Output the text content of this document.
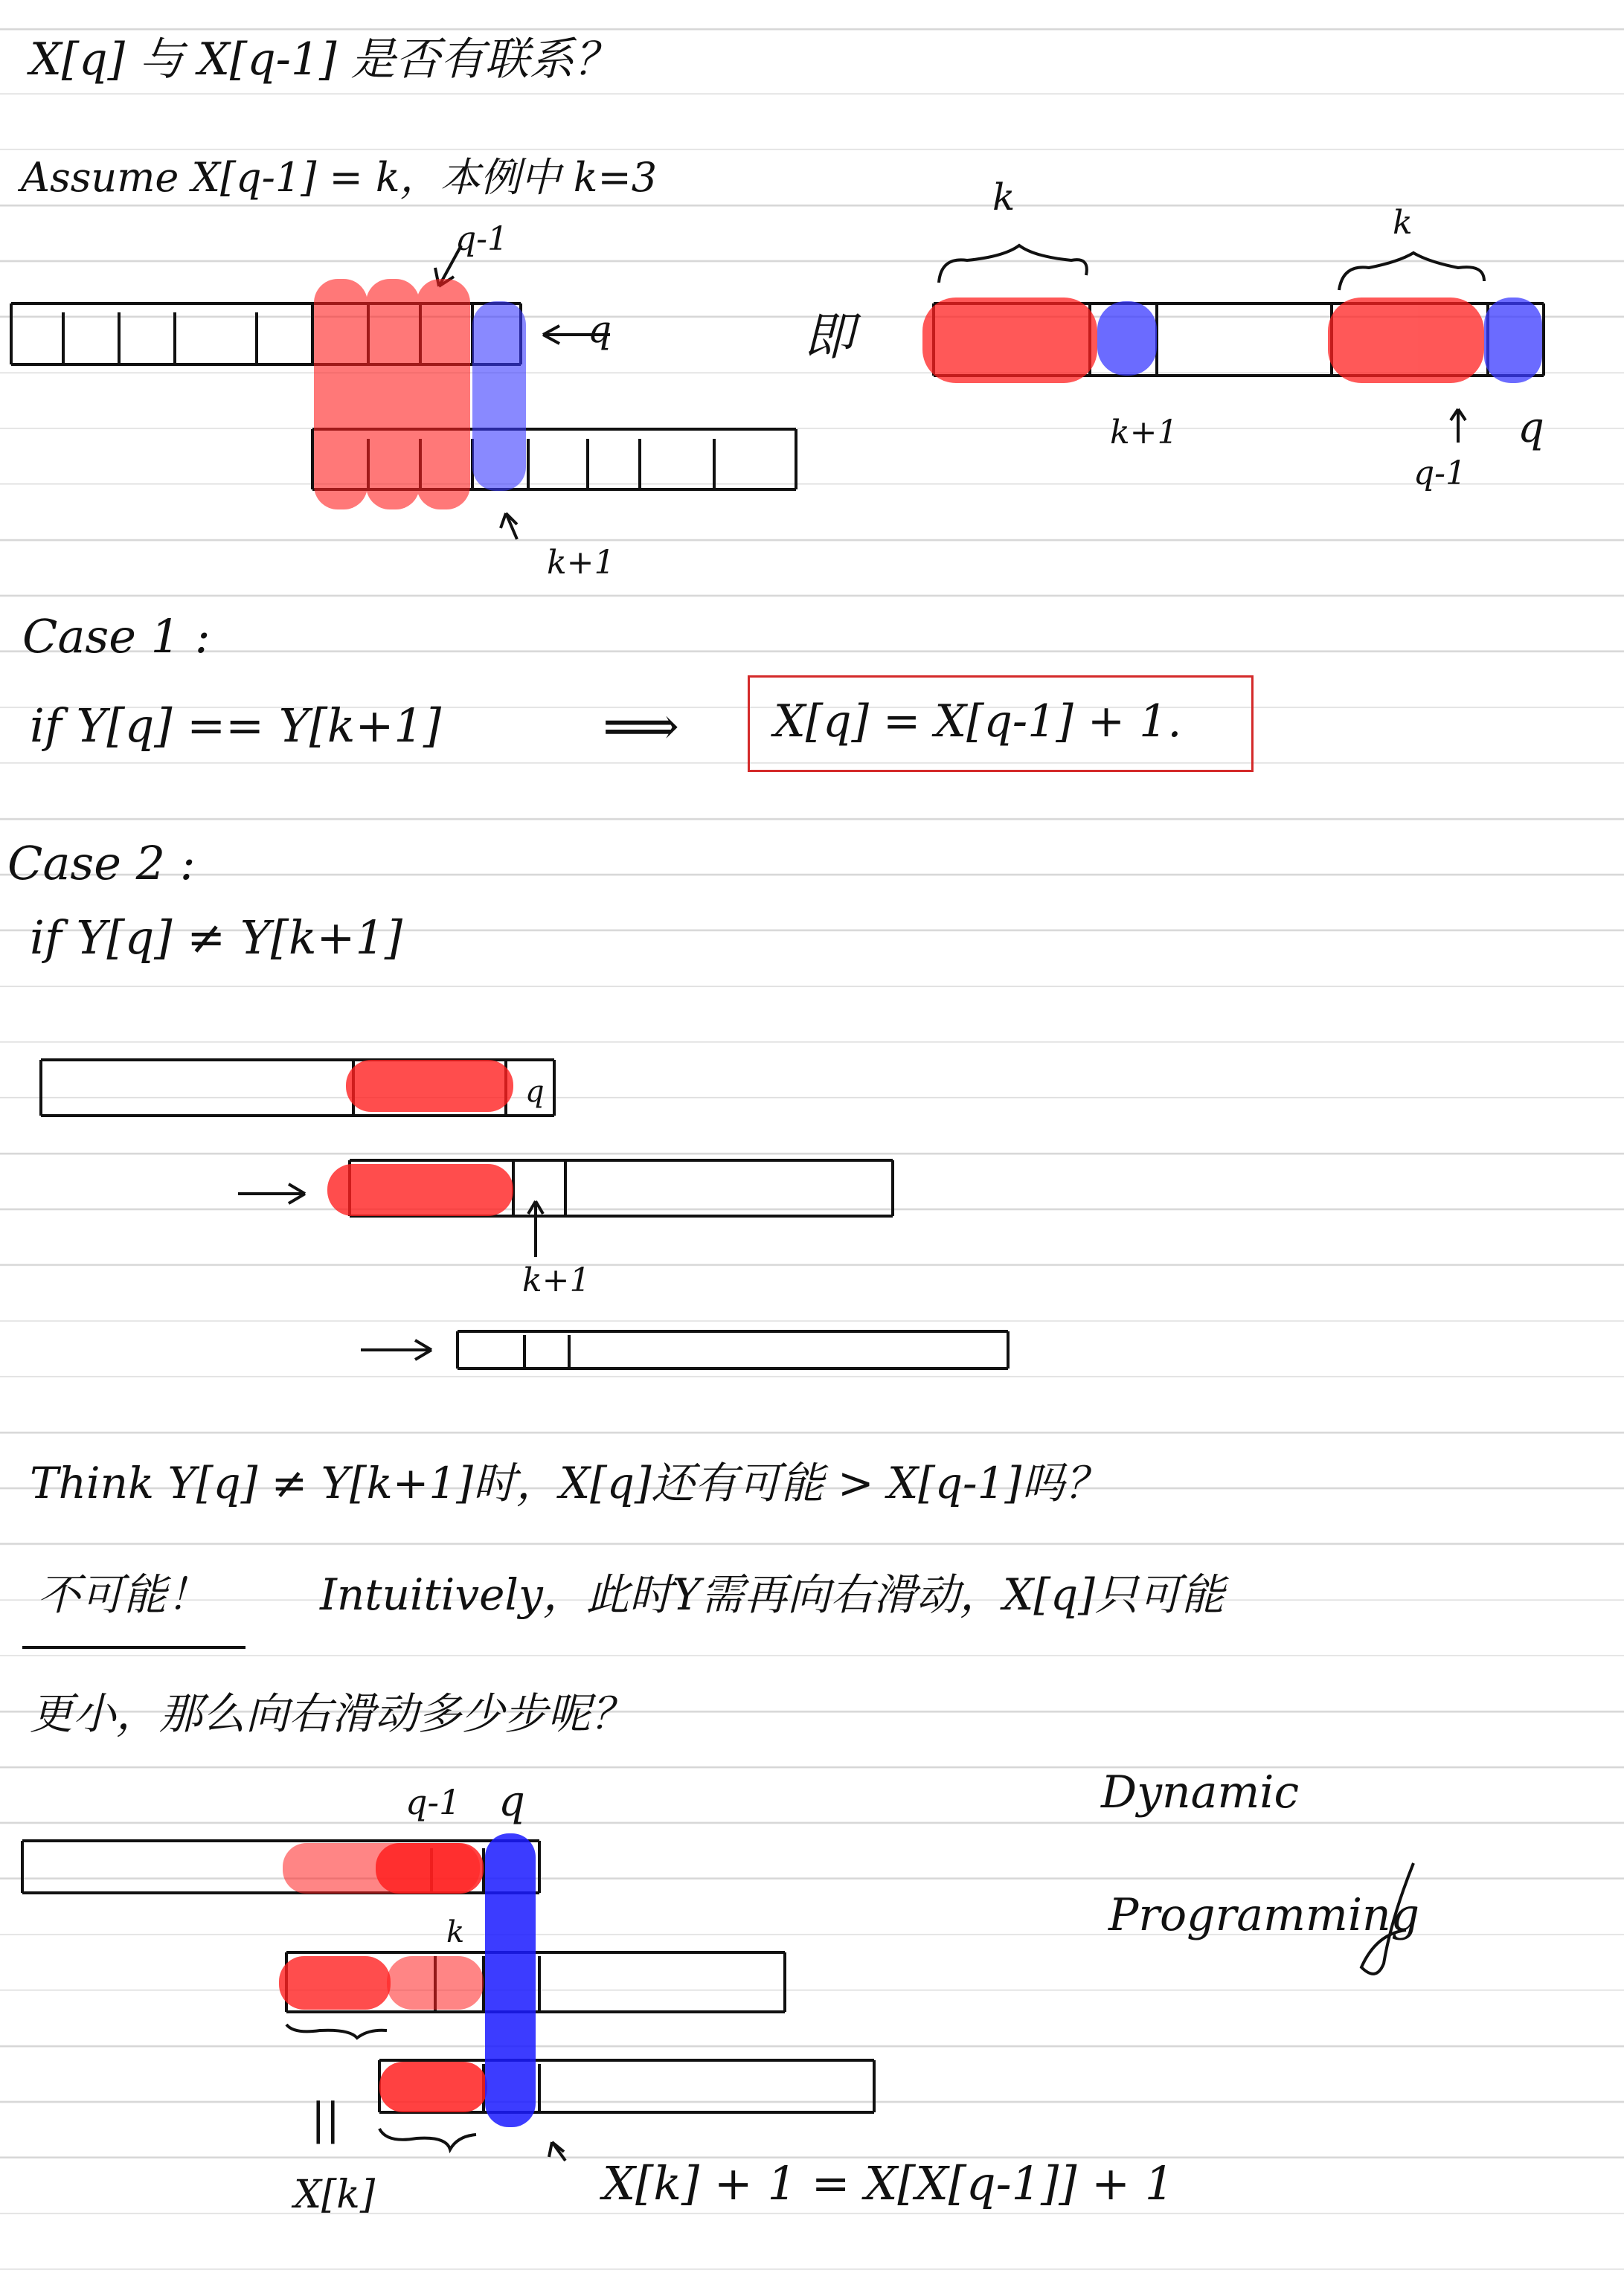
X[q] 与 X[q-1] 是否有联系？
Assume X[q-1] = k，本例中 k=3
q-1
q
k+1
即
k
k
k+1
q-1
q
Case 1 :
if Y[q] == Y[k+1]	⟹ X[q] = X[q-1] + 1.
Case 2 :
if Y[q] ≠ Y[k+1]
q
k+1
Think Y[q] ≠ Y[k+1]时，X[q]还有可能 > X[q-1]吗？
不可能！	Intuitively，此时Y需再向右滑动，X[q]只可能
更小，那么向右滑动多少步呢？
q-1 q
k
||
X[k]	X[k] + 1 = X[X[q-1]] + 1
Dynamic
Programming
